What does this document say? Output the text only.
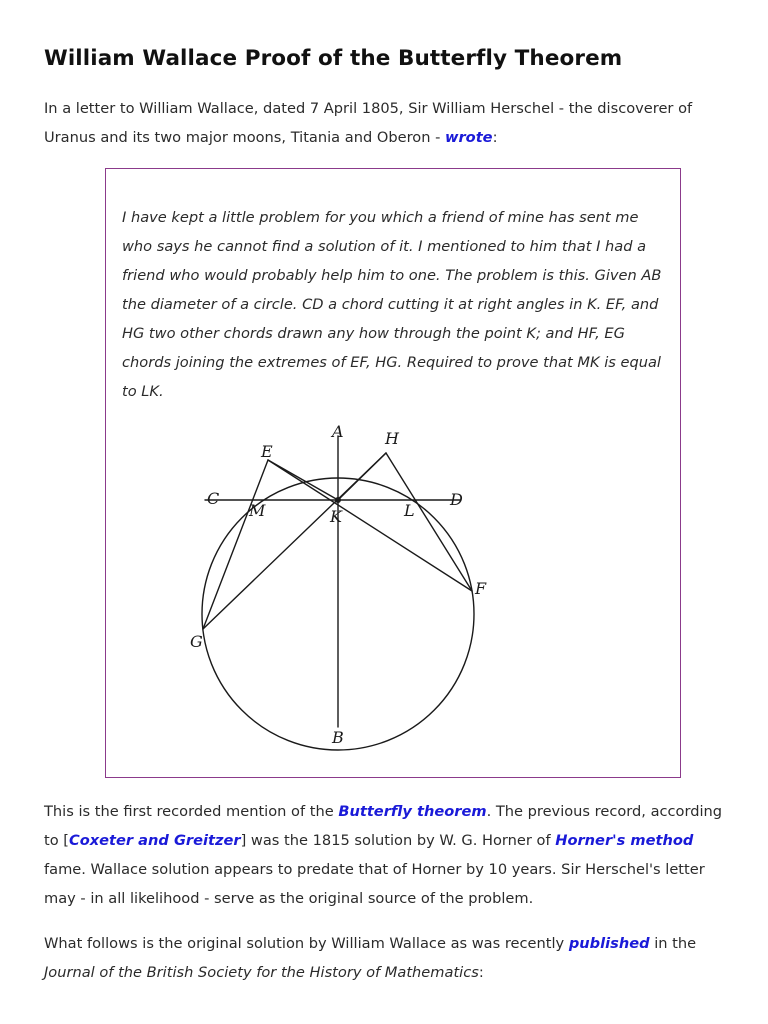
William Wallace Proof of the Butterfly Theorem

In a letter to William Wallace, dated 7 April 1805, Sir William Herschel - the discoverer of Uranus and its two major moons, Titania and Oberon - wrote:

I have kept a little problem for you which a friend of mine has sent me who says he cannot find a solution of it. I mentioned to him that I had a friend who would probably help him to one. The problem is this. Given AB the diameter of a circle. CD a chord cutting it at right angles in K. EF, and HG two other chords drawn any how through the point K; and HF, EG chords joining the extremes of EF, HG. Required to prove that MK is equal to LK.
A
B
C	D
E
F
G
H
K	L
M

This is the first recorded mention of the Butterfly theorem. The previous record, according to [Coxeter and Greitzer] was the 1815 solution by W. G. Horner of Horner's method fame. Wallace solution appears to predate that of Horner by 10 years. Sir Herschel's letter may - in all likelihood - serve as the original source of the problem.

What follows is the original solution by William Wallace as was recently published in the Journal of the British Society for the History of Mathematics:
